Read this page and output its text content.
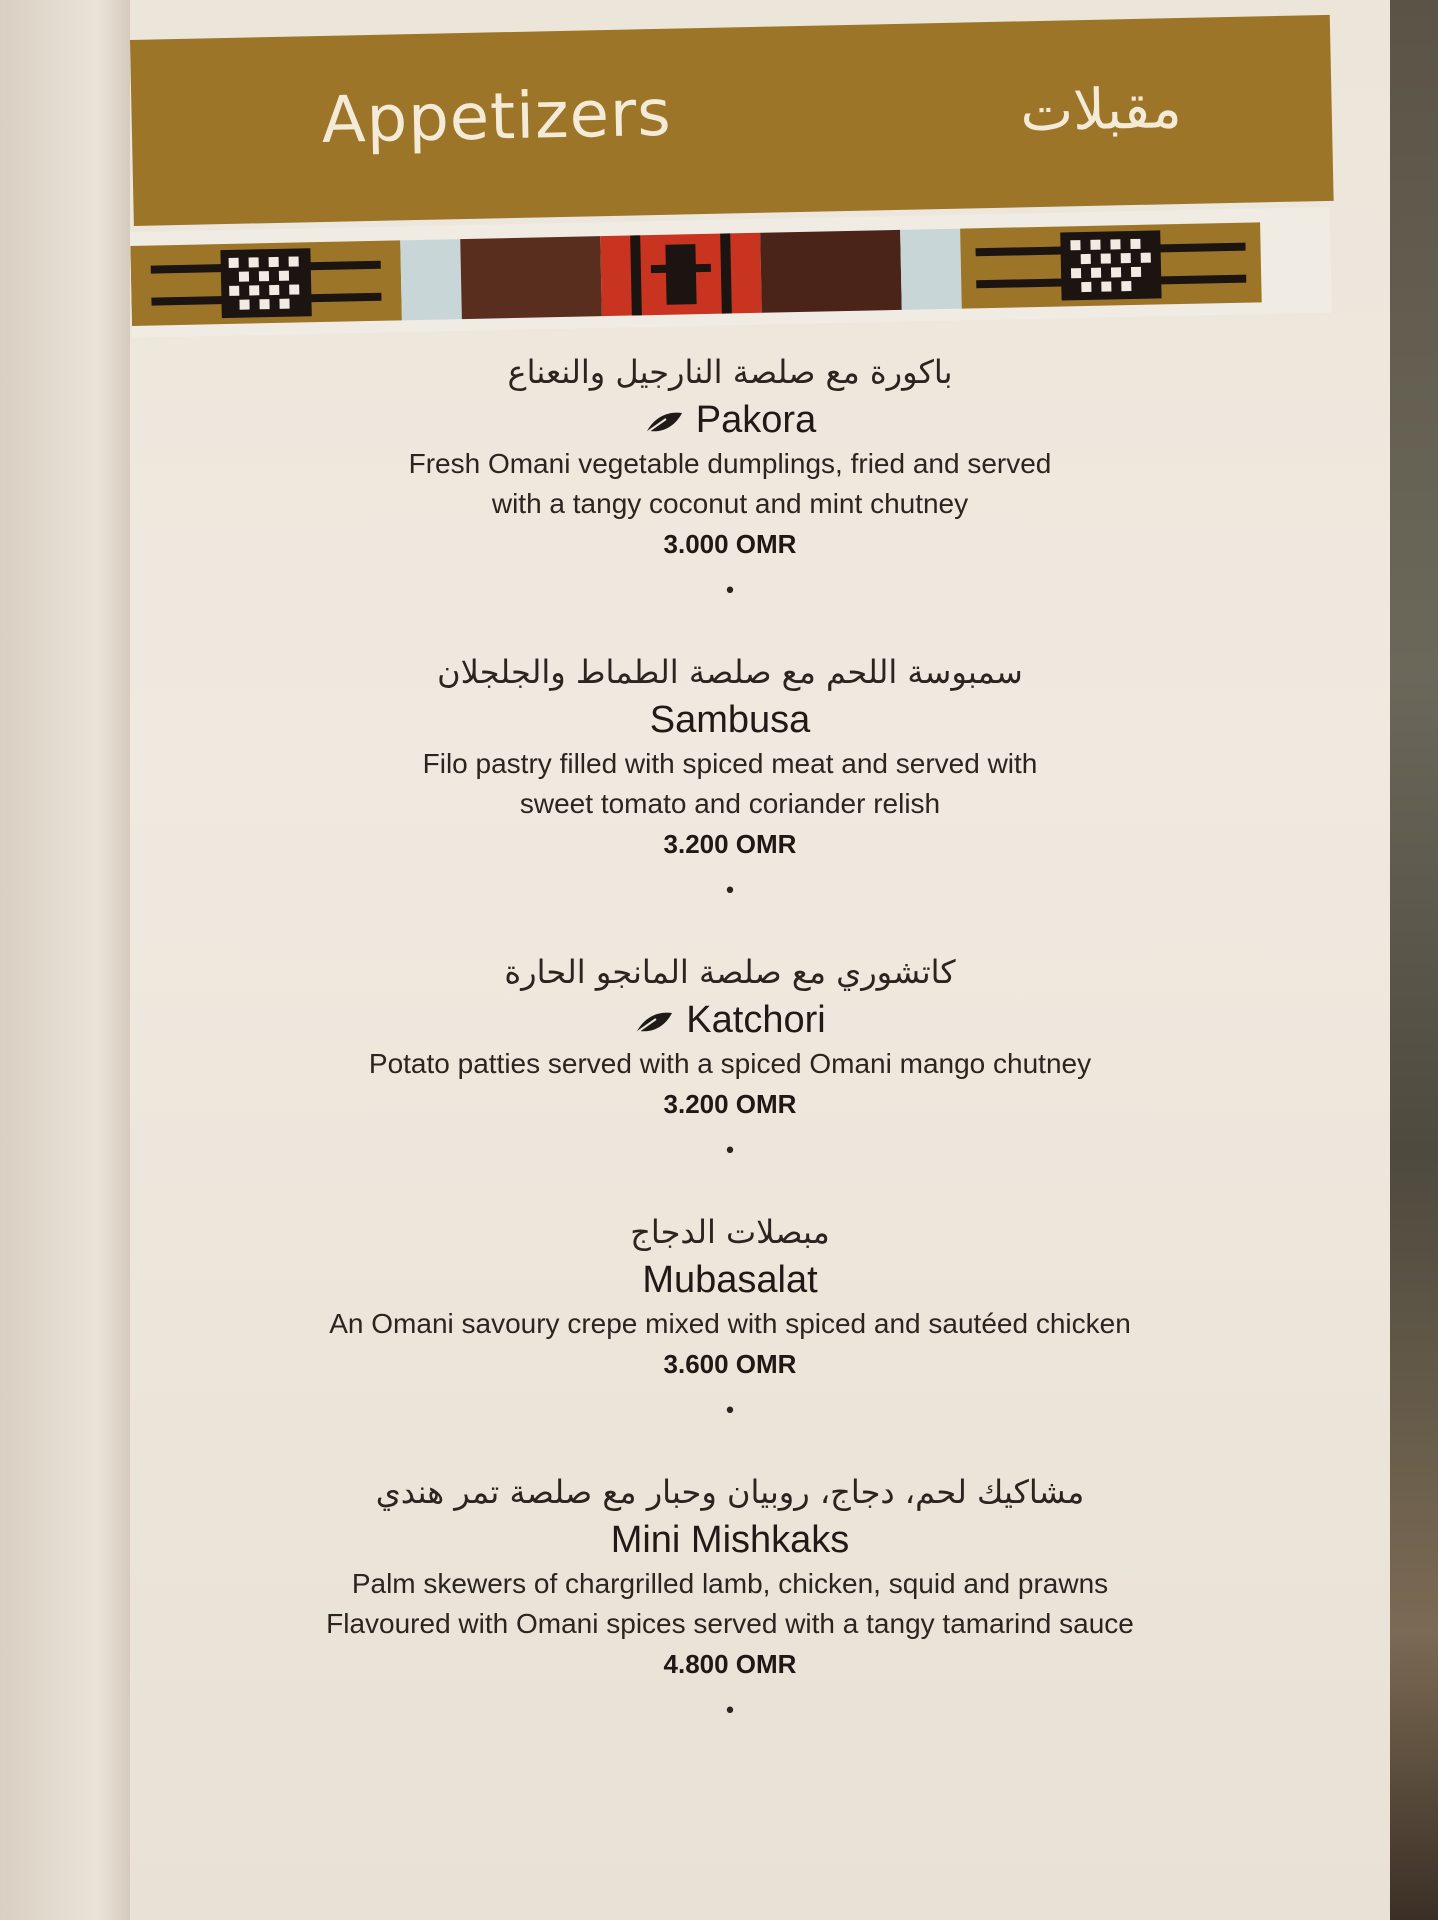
Appetizers	مقبلات
باكورة مع صلصة النارجيل والنعناع
Pakora
Fresh Omani vegetable dumplings, fried and served
with a tangy coconut and mint chutney
3.000 OMR
•
سمبوسة اللحم مع صلصة الطماط والجلجلان
Sambusa
Filo pastry filled with spiced meat and served with
sweet tomato and coriander relish
3.200 OMR
•
كاتشوري مع صلصة المانجو الحارة
Katchori
Potato patties served with a spiced Omani mango chutney
3.200 OMR
•
مبصلات الدجاج
Mubasalat
An Omani savoury crepe mixed with spiced and sautéed chicken
3.600 OMR
•
مشاكيك لحم، دجاج، روبيان وحبار مع صلصة تمر هندي
Mini Mishkaks
Palm skewers of chargrilled lamb, chicken, squid and prawns
Flavoured with Omani spices served with a tangy tamarind sauce
4.800 OMR
•
